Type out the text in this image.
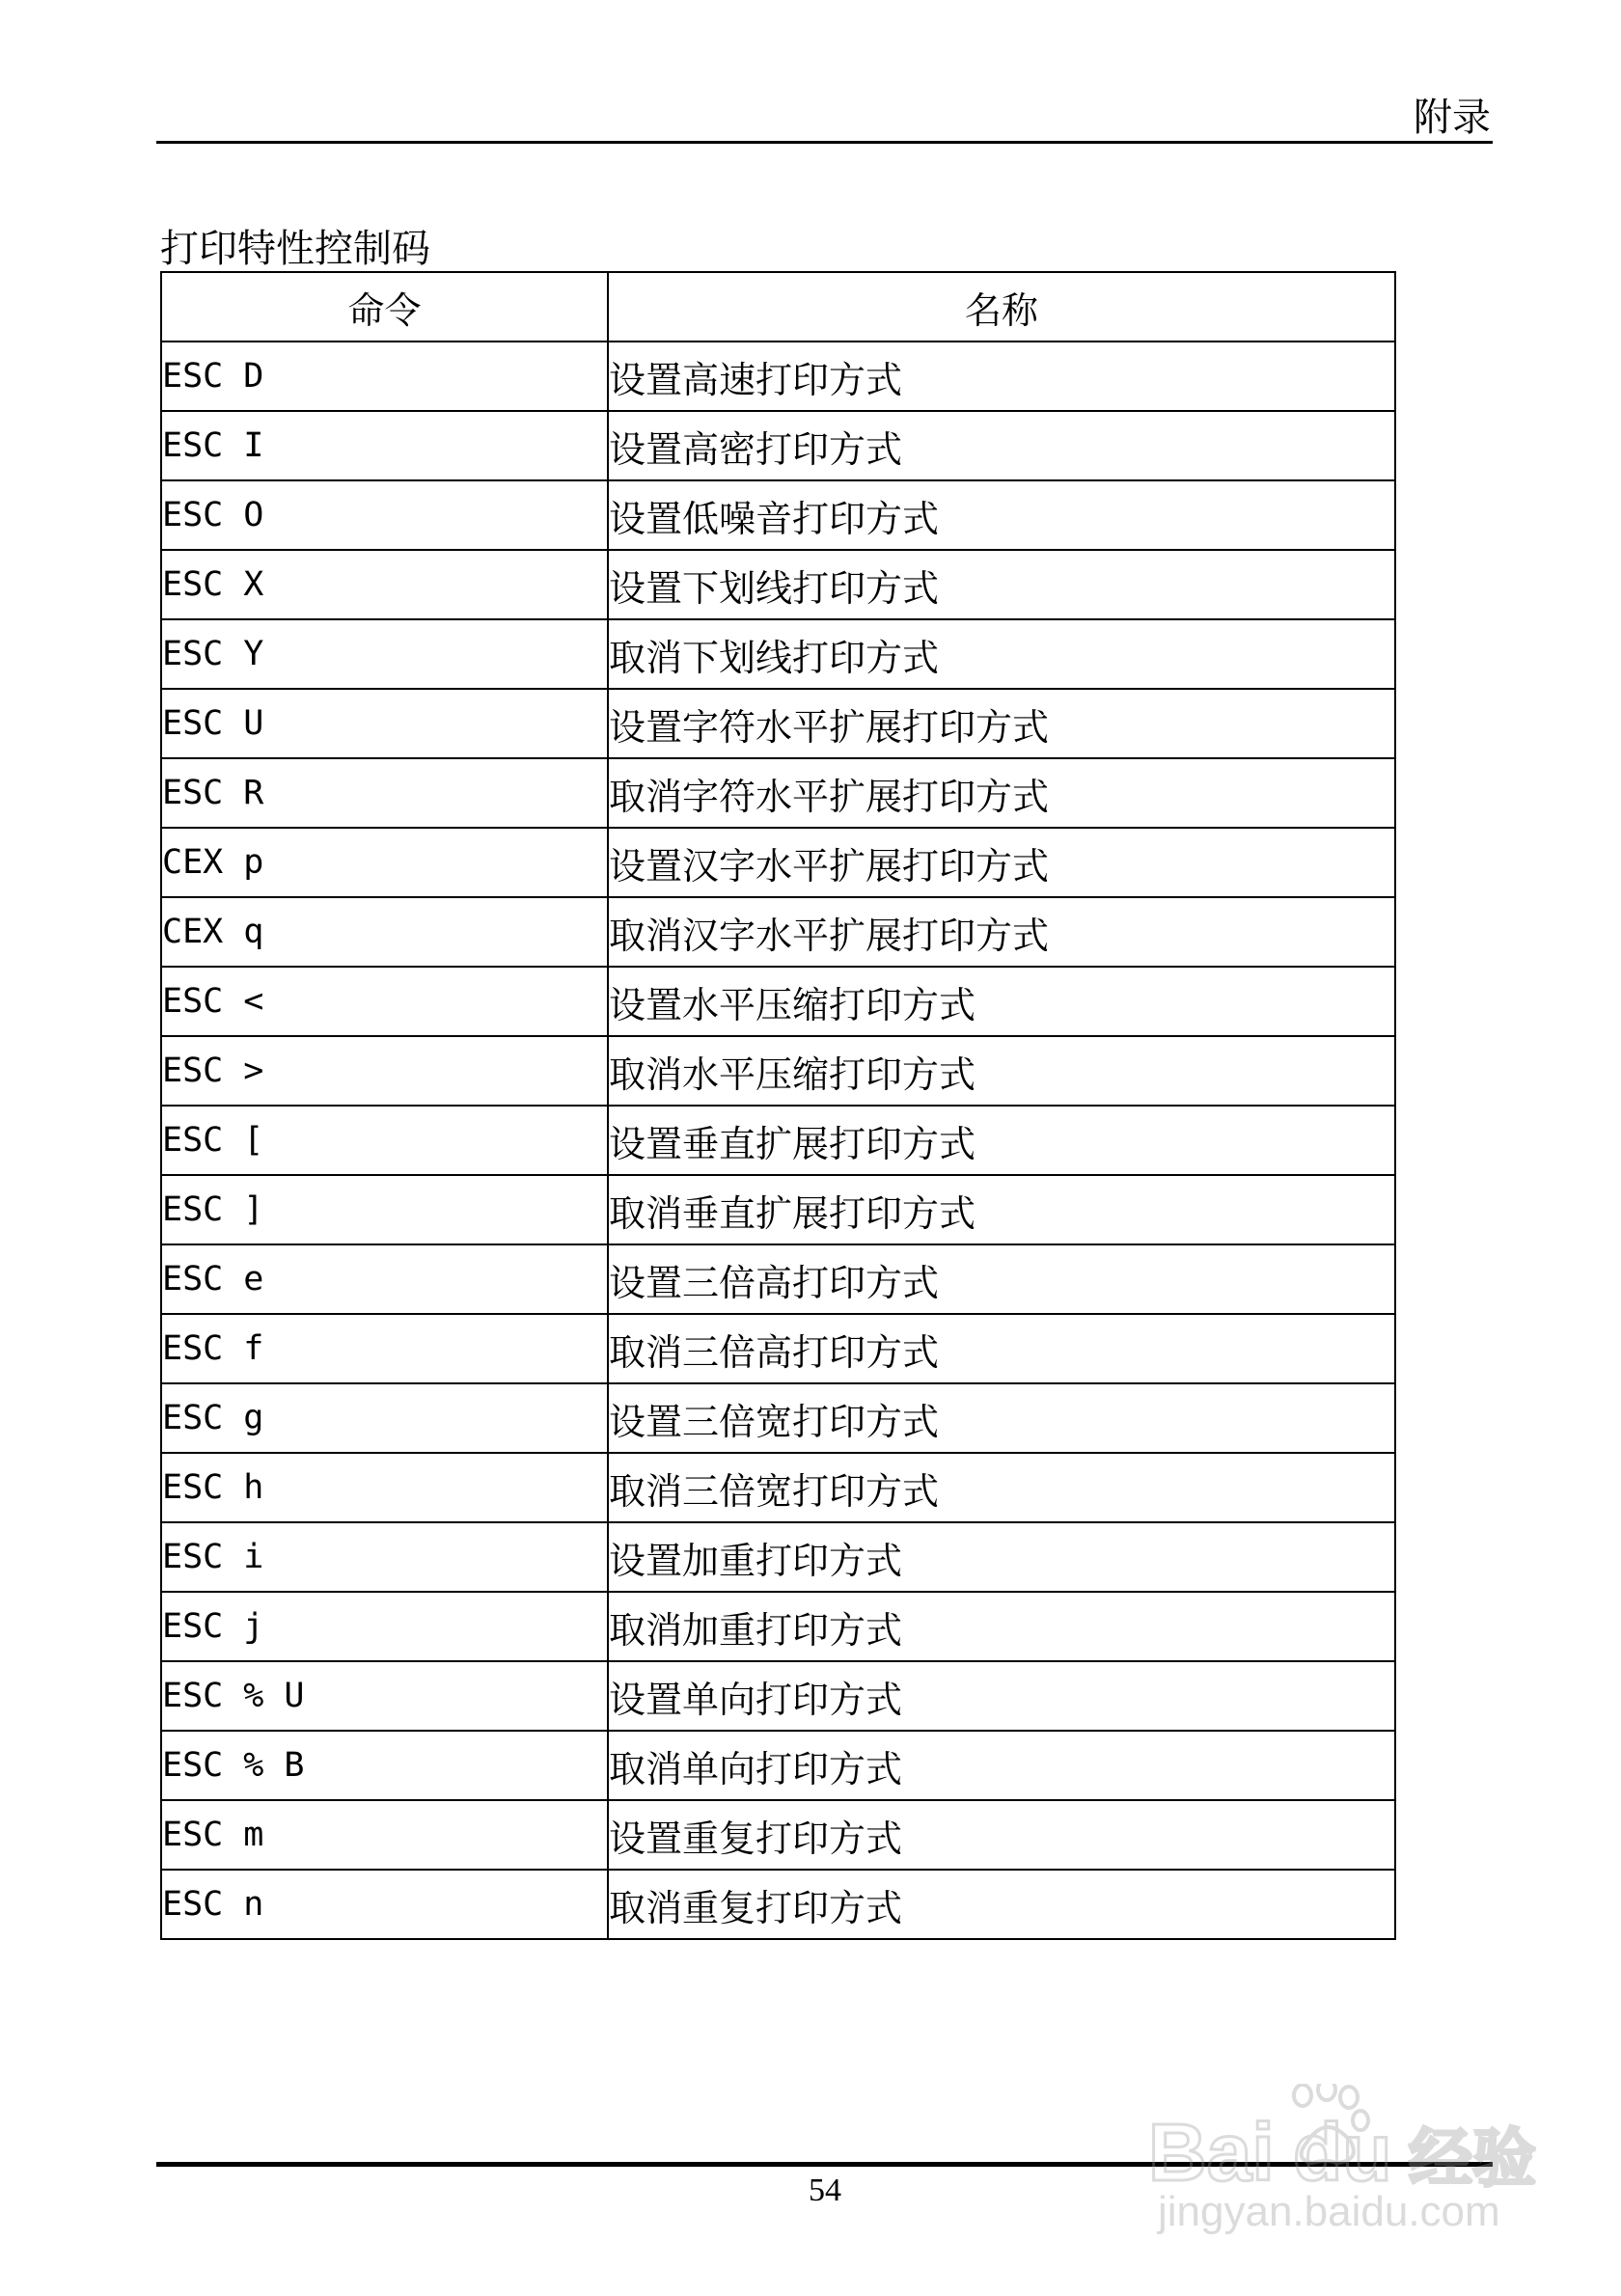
附录
打印特性控制码
命令	名称
ESC D	设置高速打印方式
ESC I	设置高密打印方式
ESC O	设置低噪音打印方式
ESC X	设置下划线打印方式
ESC Y	取消下划线打印方式
ESC U	设置字符水平扩展打印方式
ESC R	取消字符水平扩展打印方式
CEX p	设置汉字水平扩展打印方式
CEX q	取消汉字水平扩展打印方式
ESC <	设置水平压缩打印方式
ESC >	取消水平压缩打印方式
ESC [	设置垂直扩展打印方式
ESC ]	取消垂直扩展打印方式
ESC e	设置三倍高打印方式
ESC f	取消三倍高打印方式
ESC g	设置三倍宽打印方式
ESC h	取消三倍宽打印方式
ESC i	设置加重打印方式
ESC j	取消加重打印方式
ESC % U	设置单向打印方式
ESC % B	取消单向打印方式
ESC m	设置重复打印方式
ESC n	取消重复打印方式
54	Bai du 经验
jingyan.baidu.com
